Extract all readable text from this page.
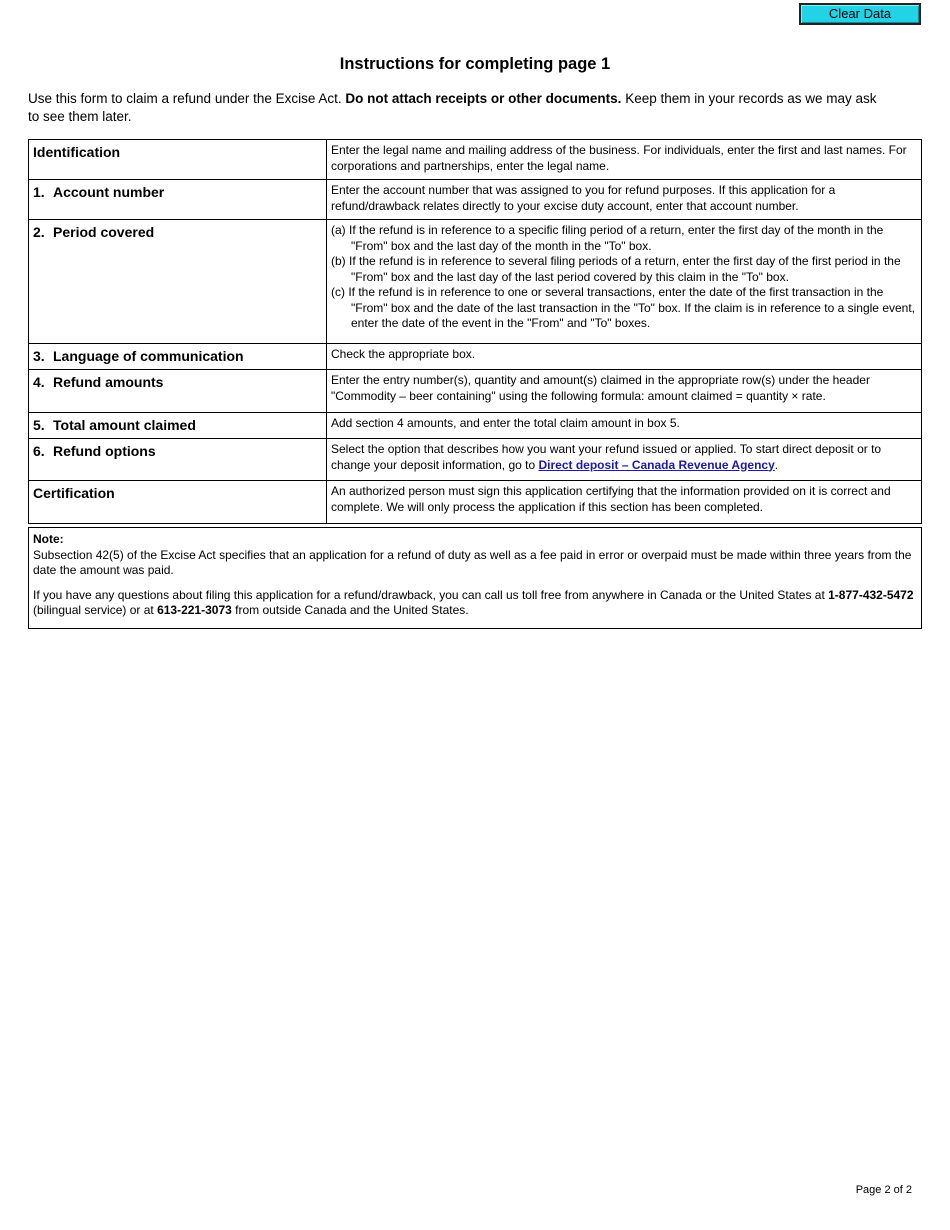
Clear Data
Instructions for completing page 1
Use this form to claim a refund under the Excise Act. Do not attach receipts or other documents. Keep them in your records as we may ask to see them later.
Identification	Enter the legal name and mailing address of the business. For individuals, enter the first and last names. For corporations and partnerships, enter the legal name.

1. Account number	Enter the account number that was assigned to you for refund purposes. If this application for a refund/drawback relates directly to your excise duty account, enter that account number.

2. Period covered	(a) If the refund is in reference to a specific filing period of a return, enter the first day of the month in the "From" box and the last day of the month in the "To" box.

(b) If the refund is in reference to several filing periods of a return, enter the first day of the first period in the "From" box and the last day of the last period covered by this claim in the "To" box.

(c) If the refund is in reference to one or several transactions, enter the date of the first transaction in the "From" box and the date of the last transaction in the "To" box. If the claim is in reference to a single event, enter the date of the event in the "From" and "To" boxes.

3. Language of communication	Check the appropriate box.

4. Refund amounts	Enter the entry number(s), quantity and amount(s) claimed in the appropriate row(s) under the header "Commodity – beer containing" using the following formula: amount claimed = quantity × rate.

5. Total amount claimed	Add section 4 amounts, and enter the total claim amount in box 5.

6. Refund options	Select the option that describes how you want your refund issued or applied. To start direct deposit or to change your deposit information, go to Direct deposit – Canada Revenue Agency.

Certification	An authorized person must sign this application certifying that the information provided on it is correct and complete. We will only process the application if this section has been completed.

Note:

Subsection 42(5) of the Excise Act specifies that an application for a refund of duty as well as a fee paid in error or overpaid must be made within three years from the date the amount was paid.

If you have any questions about filing this application for a refund/drawback, you can call us toll free from anywhere in Canada or the United States at 1-877-432-5472 (bilingual service) or at 613-221-3073 from outside Canada and the United States.

Page 2 of 2
